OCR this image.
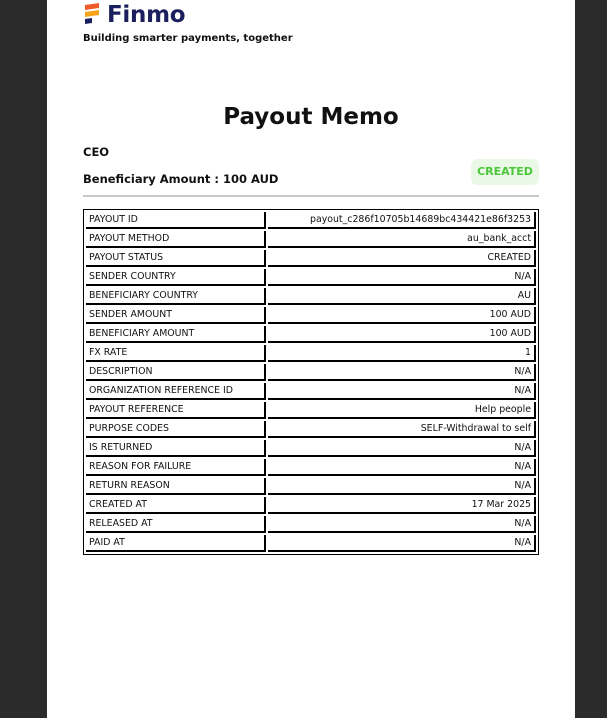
Finmo
Building smarter payments, together
Payout Memo
CEO
Beneficiary Amount : 100 AUD
CREATED
PAYOUT ID	payout_c286f10705b14689bc434421e86f3253
PAYOUT METHOD	au_bank_acct
PAYOUT STATUS	CREATED
SENDER COUNTRY	N/A
BENEFICIARY COUNTRY	AU
SENDER AMOUNT	100 AUD
BENEFICIARY AMOUNT	100 AUD
FX RATE	1
DESCRIPTION	N/A
ORGANIZATION REFERENCE ID	N/A
PAYOUT REFERENCE	Help people
PURPOSE CODES	SELF-Withdrawal to self
IS RETURNED	N/A
REASON FOR FAILURE	N/A
RETURN REASON	N/A
CREATED AT	17 Mar 2025
RELEASED AT	N/A
PAID AT	N/A
